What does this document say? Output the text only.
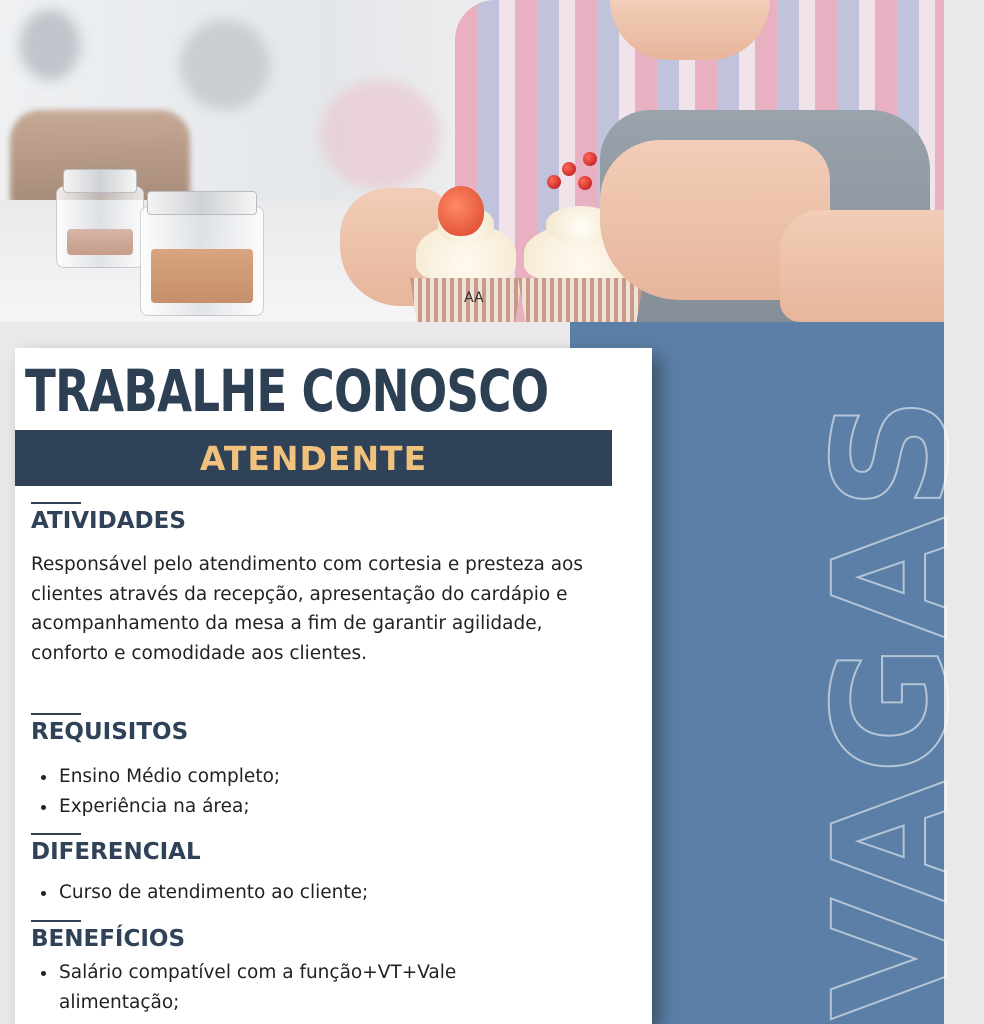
AA
VAGAS
TRABALHE CONOSCO
ATENDENTE
ATIVIDADES

Responsável pelo atendimento com cortesia e presteza aos clientes através da recepção, apresentação do cardápio e acompanhamento da mesa a fim de garantir agilidade, conforto e comodidade aos clientes.

REQUISITOS
Ensino Médio completo;
Experiência na área;
DIFERENCIAL
Curso de atendimento ao cliente;
BENEFÍCIOS
Salário compatível com a função+VT+Vale alimentação;
